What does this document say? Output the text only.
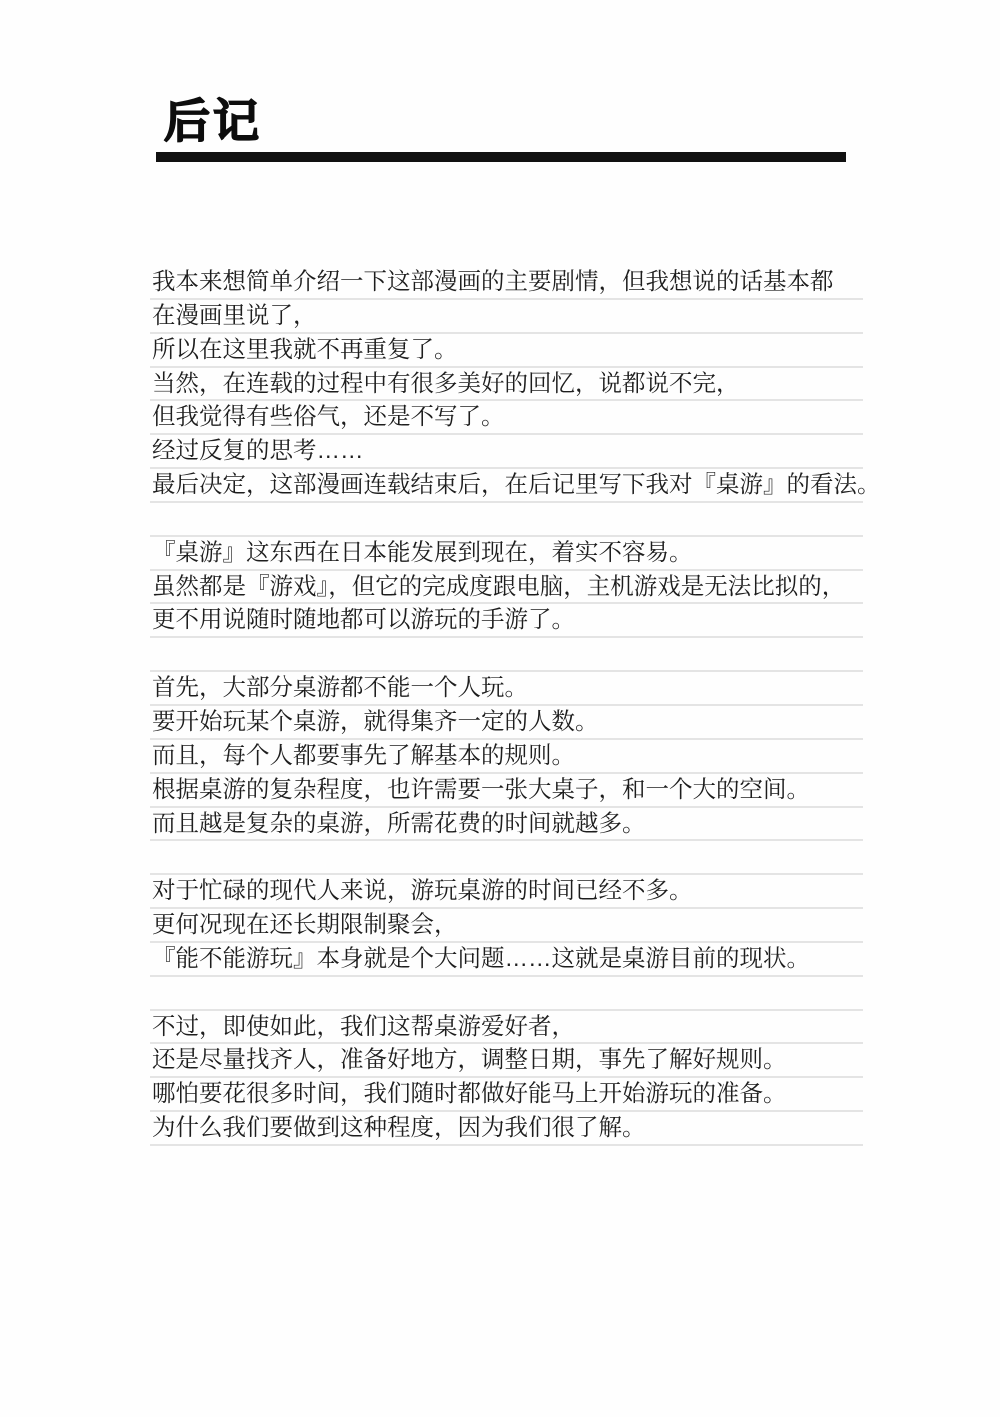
后记
我本来想简单介绍一下这部漫画的主要剧情，但我想说的话基本都
在漫画里说了，
所以在这里我就不再重复了。
当然，在连载的过程中有很多美好的回忆，说都说不完，
但我觉得有些俗气，还是不写了。
经过反复的思考……
最后决定，这部漫画连载结束后，在后记里写下我对『桌游』的看法。
『桌游』这东西在日本能发展到现在，着实不容易。
虽然都是『游戏』，但它的完成度跟电脑，主机游戏是无法比拟的，
更不用说随时随地都可以游玩的手游了。
首先，大部分桌游都不能一个人玩。
要开始玩某个桌游，就得集齐一定的人数。
而且，每个人都要事先了解基本的规则。
根据桌游的复杂程度，也许需要一张大桌子，和一个大的空间。
而且越是复杂的桌游，所需花费的时间就越多。
对于忙碌的现代人来说，游玩桌游的时间已经不多。
更何况现在还长期限制聚会，
『能不能游玩』本身就是个大问题……这就是桌游目前的现状。
不过，即使如此，我们这帮桌游爱好者，
还是尽量找齐人，准备好地方，调整日期，事先了解好规则。
哪怕要花很多时间，我们随时都做好能马上开始游玩的准备。
为什么我们要做到这种程度，因为我们很了解。
